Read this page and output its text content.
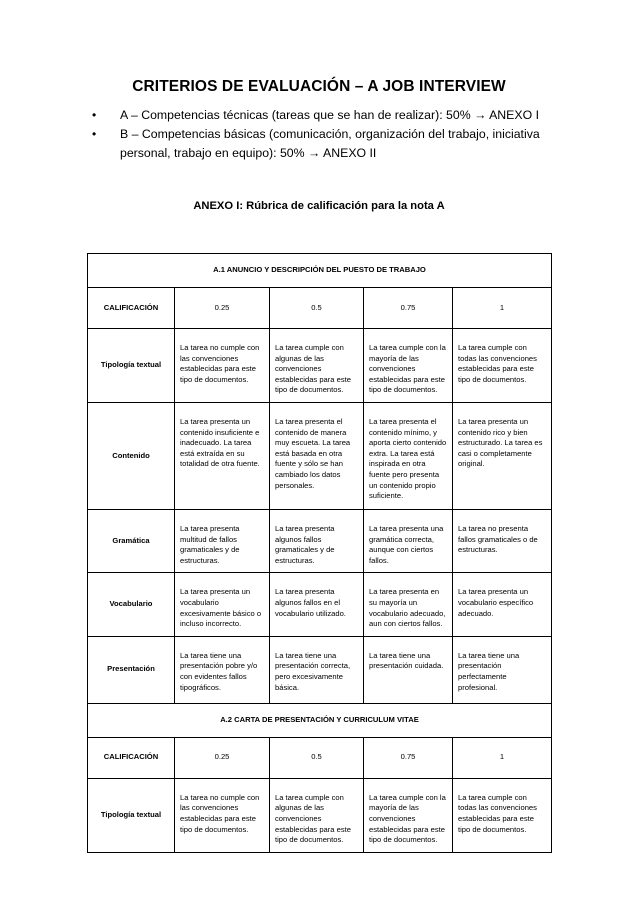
CRITERIOS DE EVALUACIÓN – A JOB INTERVIEW
• A – Competencias técnicas (tareas que se han de realizar): 50% → ANEXO I
• B – Competencias básicas (comunicación, organización del trabajo, iniciativa personal, trabajo en equipo): 50% → ANEXO II
ANEXO I: Rúbrica de calificación para la nota A
A.1 ANUNCIO Y DESCRIPCIÓN DEL PUESTO DE TRABAJO				
CALIFICACIÓN	0.25	0.5	0.75	1
Tipología textual	La tarea no cumple con las convenciones establecidas para este tipo de documentos.	La tarea cumple con algunas de las convenciones establecidas para este tipo de documentos.	La tarea cumple con la mayoría de las convenciones establecidas para este tipo de documentos.	La tarea cumple con todas las convenciones establecidas para este tipo de documentos.
Contenido	La tarea presenta un contenido insuficiente e inadecuado. La tarea está extraída en su totalidad de otra fuente.	La tarea presenta el contenido de manera muy escueta. La tarea está basada en otra fuente y sólo se han cambiado los datos personales.	La tarea presenta el contenido mínimo, y aporta cierto contenido extra. La tarea está inspirada en otra fuente pero presenta un contenido propio suficiente.	La tarea presenta un contenido rico y bien estructurado. La tarea es casi o completamente original.
Gramática	La tarea presenta multitud de fallos gramaticales y de estructuras.	La tarea presenta algunos fallos gramaticales y de estructuras.	La tarea presenta una gramática correcta, aunque con ciertos fallos.	La tarea no presenta fallos gramaticales o de estructuras.
Vocabulario	La tarea presenta un vocabulario excesivamente básico o incluso incorrecto.	La tarea presenta algunos fallos en el vocabulario utilizado.	La tarea presenta en su mayoría un vocabulario adecuado, aun con ciertos fallos.	La tarea presenta un vocabulario específico adecuado.
Presentación	La tarea tiene una presentación pobre y/o con evidentes fallos tipográficos.	La tarea tiene una presentación correcta, pero excesivamente básica.	La tarea tiene una presentación cuidada.	La tarea tiene una presentación perfectamente profesional.
A.2 CARTA DE PRESENTACIÓN Y CURRICULUM VITAE				
CALIFICACIÓN	0.25	0.5	0.75	1
Tipología textual	La tarea no cumple con las convenciones establecidas para este tipo de documentos.	La tarea cumple con algunas de las convenciones establecidas para este tipo de documentos.	La tarea cumple con la mayoría de las convenciones establecidas para este tipo de documentos.	La tarea cumple con todas las convenciones establecidas para este tipo de documentos.
